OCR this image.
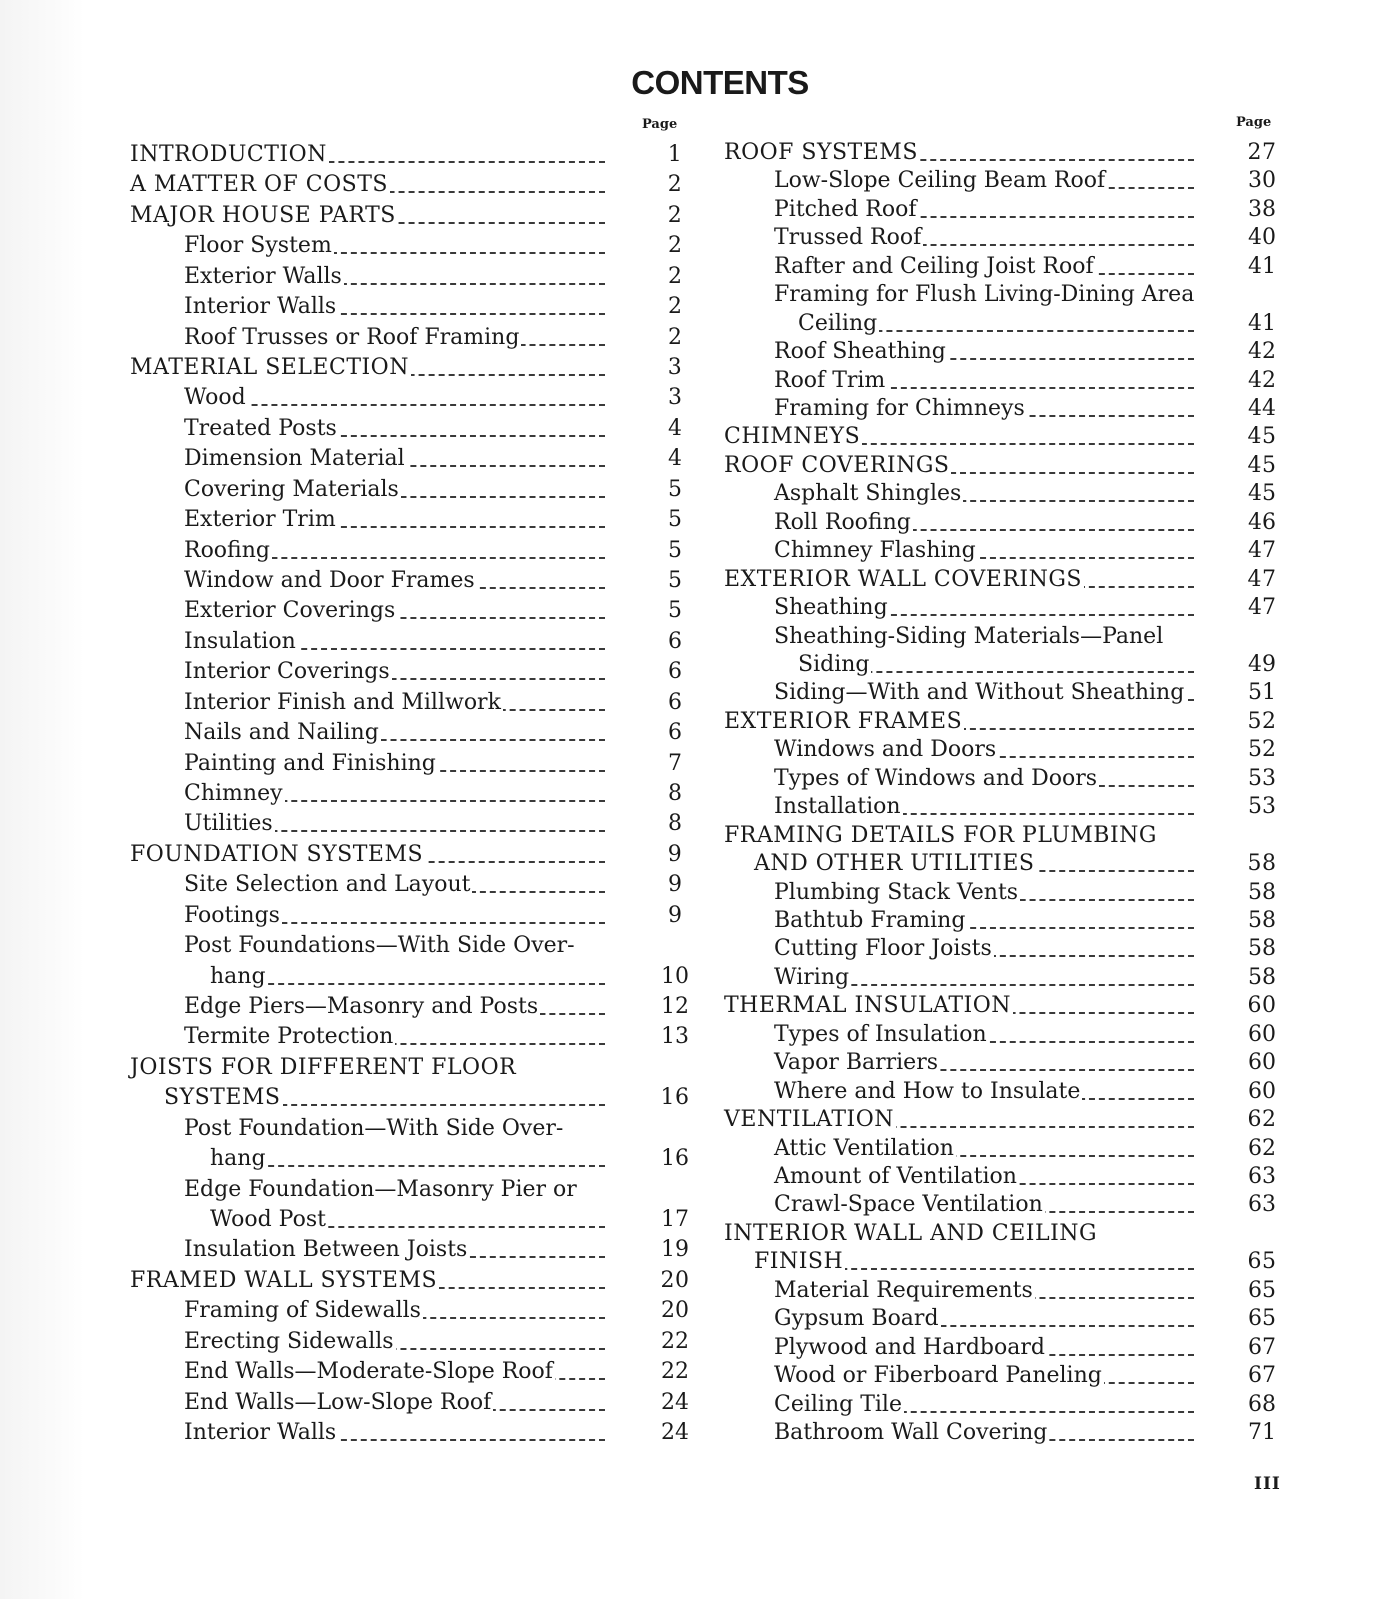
CONTENTS
Page
INTRODUCTION	1
A MATTER OF COSTS	2
MAJOR HOUSE PARTS	2
Floor System	2
Exterior Walls	2
Interior Walls	2
Roof Trusses or Roof Framing	2
MATERIAL SELECTION	3
Wood	3
Treated Posts	4
Dimension Material	4
Covering Materials	5
Exterior Trim	5
Roofing	5
Window and Door Frames	5
Exterior Coverings	5
Insulation	6
Interior Coverings	6
Interior Finish and Millwork	6
Nails and Nailing	6
Painting and Finishing	7
Chimney	8
Utilities	8
FOUNDATION SYSTEMS	9
Site Selection and Layout	9
Footings	9
Post Foundations—With Side Over-
hang	10
Edge Piers—Masonry and Posts	12
Termite Protection	13
JOISTS FOR DIFFERENT FLOOR
SYSTEMS	16
Post Foundation—With Side Over-
hang	16
Edge Foundation—Masonry Pier or
Wood Post	17
Insulation Between Joists	19
FRAMED WALL SYSTEMS	20
Framing of Sidewalls	20
Erecting Sidewalls	22
End Walls—Moderate-Slope Roof	22
End Walls—Low-Slope Roof	24
Interior Walls	24
Page
ROOF SYSTEMS	27
Low-Slope Ceiling Beam Roof	30
Pitched Roof	38
Trussed Roof	40
Rafter and Ceiling Joist Roof	41
Framing for Flush Living-Dining Area
Ceiling	41
Roof Sheathing	42
Roof Trim	42
Framing for Chimneys	44
CHIMNEYS	45
ROOF COVERINGS	45
Asphalt Shingles	45
Roll Roofing	46
Chimney Flashing	47
EXTERIOR WALL COVERINGS	47
Sheathing	47
Sheathing-Siding Materials—Panel
Siding	49
Siding—With and Without Sheathing	51
EXTERIOR FRAMES	52
Windows and Doors	52
Types of Windows and Doors	53
Installation	53
FRAMING DETAILS FOR PLUMBING
AND OTHER UTILITIES	58
Plumbing Stack Vents	58
Bathtub Framing	58
Cutting Floor Joists	58
Wiring	58
THERMAL INSULATION	60
Types of Insulation	60
Vapor Barriers	60
Where and How to Insulate	60
VENTILATION	62
Attic Ventilation	62
Amount of Ventilation	63
Crawl-Space Ventilation	63
INTERIOR WALL AND CEILING
FINISH	65
Material Requirements	65
Gypsum Board	65
Plywood and Hardboard	67
Wood or Fiberboard Paneling	67
Ceiling Tile	68
Bathroom Wall Covering	71
III
